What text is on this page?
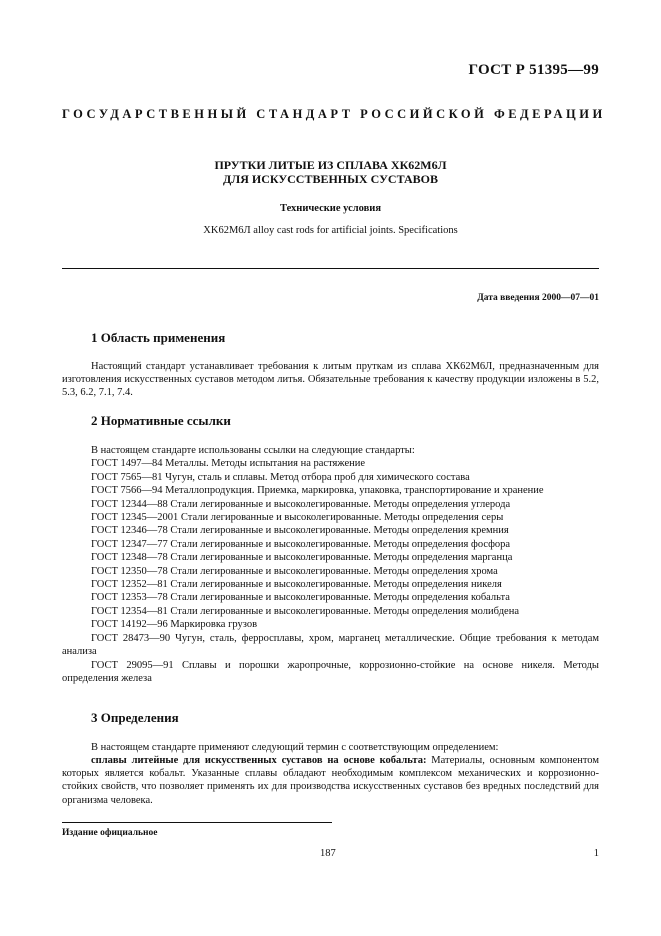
ГОСТ Р 51395—99
ГОСУДАРСТВЕННЫЙ СТАНДАРТ РОССИЙСКОЙ ФЕДЕРАЦИИ
ПРУТКИ ЛИТЫЕ ИЗ СПЛАВА ХК62М6Л
ДЛЯ ИСКУССТВЕННЫХ СУСТАВОВ
Технические условия
XK62M6Л alloy cast rods for artificial joints. Specifications
Дата введения 2000—07—01
1 Область применения
Настоящий стандарт устанавливает требования к литым пруткам из сплава ХК62М6Л, предназначенным для изготовления искусственных суставов методом литья. Обязательные требования к качеству продукции изложены в 5.2, 5.3, 6.2, 7.1, 7.4.
2 Нормативные ссылки
В настоящем стандарте использованы ссылки на следующие стандарты:
ГОСТ 1497—84 Металлы. Методы испытания на растяжение
ГОСТ 7565—81 Чугун, сталь и сплавы. Метод отбора проб для химического состава
ГОСТ 7566—94 Металлопродукция. Приемка, маркировка, упаковка, транспортирование и хранение
ГОСТ 12344—88 Стали легированные и высоколегированные. Методы определения углерода
ГОСТ 12345—2001 Стали легированные и высоколегированные. Методы определения серы
ГОСТ 12346—78 Стали легированные и высоколегированные. Методы определения кремния
ГОСТ 12347—77 Стали легированные и высоколегированные. Методы определения фосфора
ГОСТ 12348—78 Стали легированные и высоколегированные. Методы определения марганца
ГОСТ 12350—78 Стали легированные и высоколегированные. Методы определения хрома
ГОСТ 12352—81 Стали легированные и высоколегированные. Методы определения никеля
ГОСТ 12353—78 Стали легированные и высоколегированные. Методы определения кобальта
ГОСТ 12354—81 Стали легированные и высоколегированные. Методы определения молибдена
ГОСТ 14192—96 Маркировка грузов
ГОСТ 28473—90 Чугун, сталь, ферросплавы, хром, марганец металлические. Общие требования к методам анализа
ГОСТ 29095—91 Сплавы и порошки жаропрочные, коррозионно-стойкие на основе никеля. Методы определения железа
3 Определения
В настоящем стандарте применяют следующий термин с соответствующим определением:
сплавы литейные для искусственных суставов на основе кобальта: Материалы, основным компонентом которых является кобальт. Указанные сплавы обладают необходимым комплексом механических и коррозионно-стойких свойств, что позволяет применять их для производства искусственных суставов без вредных последствий для организма человека.
Издание официальное
187	1
